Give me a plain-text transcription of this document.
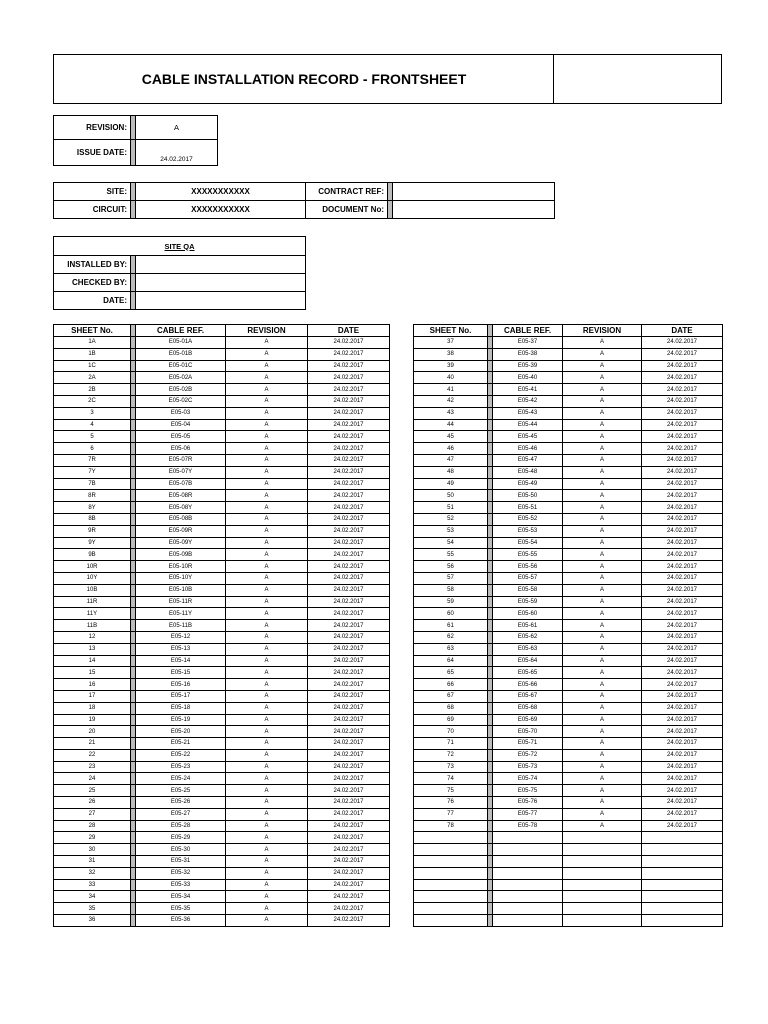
CABLE INSTALLATION RECORD - FRONTSHEET
REVISION:		A
ISSUE DATE:		24.02.2017
SITE:		XXXXXXXXXXX	CONTRACT REF:		
CIRCUIT:		XXXXXXXXXXX	DOCUMENT No:		
SITE QA		
INSTALLED BY:		
CHECKED BY:		
DATE:		
SHEET No.		CABLE REF.	REVISION	DATE
1A		E05-01A	A	24.02.2017
1B		E05-01B	A	24.02.2017
1C		E05-01C	A	24.02.2017
2A		E05-02A	A	24.02.2017
2B		E05-02B	A	24.02.2017
2C		E05-02C	A	24.02.2017
3		E05-03	A	24.02.2017
4		E05-04	A	24.02.2017
5		E05-05	A	24.02.2017
6		E05-06	A	24.02.2017
7R		E05-07R	A	24.02.2017
7Y		E05-07Y	A	24.02.2017
7B		E05-07B	A	24.02.2017
8R		E05-08R	A	24.02.2017
8Y		E05-08Y	A	24.02.2017
8B		E05-08B	A	24.02.2017
9R		E05-09R	A	24.02.2017
9Y		E05-09Y	A	24.02.2017
9B		E05-09B	A	24.02.2017
10R		E05-10R	A	24.02.2017
10Y		E05-10Y	A	24.02.2017
10B		E05-10B	A	24.02.2017
11R		E05-11R	A	24.02.2017
11Y		E05-11Y	A	24.02.2017
11B		E05-11B	A	24.02.2017
12		E05-12	A	24.02.2017
13		E05-13	A	24.02.2017
14		E05-14	A	24.02.2017
15		E05-15	A	24.02.2017
16		E05-16	A	24.02.2017
17		E05-17	A	24.02.2017
18		E05-18	A	24.02.2017
19		E05-19	A	24.02.2017
20		E05-20	A	24.02.2017
21		E05-21	A	24.02.2017
22		E05-22	A	24.02.2017
23		E05-23	A	24.02.2017
24		E05-24	A	24.02.2017
25		E05-25	A	24.02.2017
26		E05-26	A	24.02.2017
27		E05-27	A	24.02.2017
28		E05-28	A	24.02.2017
29		E05-29	A	24.02.2017
30		E05-30	A	24.02.2017
31		E05-31	A	24.02.2017
32		E05-32	A	24.02.2017
33		E05-33	A	24.02.2017
34		E05-34	A	24.02.2017
35		E05-35	A	24.02.2017
36		E05-36	A	24.02.2017
SHEET No.		CABLE REF.	REVISION	DATE
37		E05-37	A	24.02.2017
38		E05-38	A	24.02.2017
39		E05-39	A	24.02.2017
40		E05-40	A	24.02.2017
41		E05-41	A	24.02.2017
42		E05-42	A	24.02.2017
43		E05-43	A	24.02.2017
44		E05-44	A	24.02.2017
45		E05-45	A	24.02.2017
46		E05-46	A	24.02.2017
47		E05-47	A	24.02.2017
48		E05-48	A	24.02.2017
49		E05-49	A	24.02.2017
50		E05-50	A	24.02.2017
51		E05-51	A	24.02.2017
52		E05-52	A	24.02.2017
53		E05-53	A	24.02.2017
54		E05-54	A	24.02.2017
55		E05-55	A	24.02.2017
56		E05-56	A	24.02.2017
57		E05-57	A	24.02.2017
58		E05-58	A	24.02.2017
59		E05-59	A	24.02.2017
60		E05-60	A	24.02.2017
61		E05-61	A	24.02.2017
62		E05-62	A	24.02.2017
63		E05-63	A	24.02.2017
64		E05-64	A	24.02.2017
65		E05-65	A	24.02.2017
66		E05-66	A	24.02.2017
67		E05-67	A	24.02.2017
68		E05-68	A	24.02.2017
69		E05-69	A	24.02.2017
70		E05-70	A	24.02.2017
71		E05-71	A	24.02.2017
72		E05-72	A	24.02.2017
73		E05-73	A	24.02.2017
74		E05-74	A	24.02.2017
75		E05-75	A	24.02.2017
76		E05-76	A	24.02.2017
77		E05-77	A	24.02.2017
78		E05-78	A	24.02.2017
